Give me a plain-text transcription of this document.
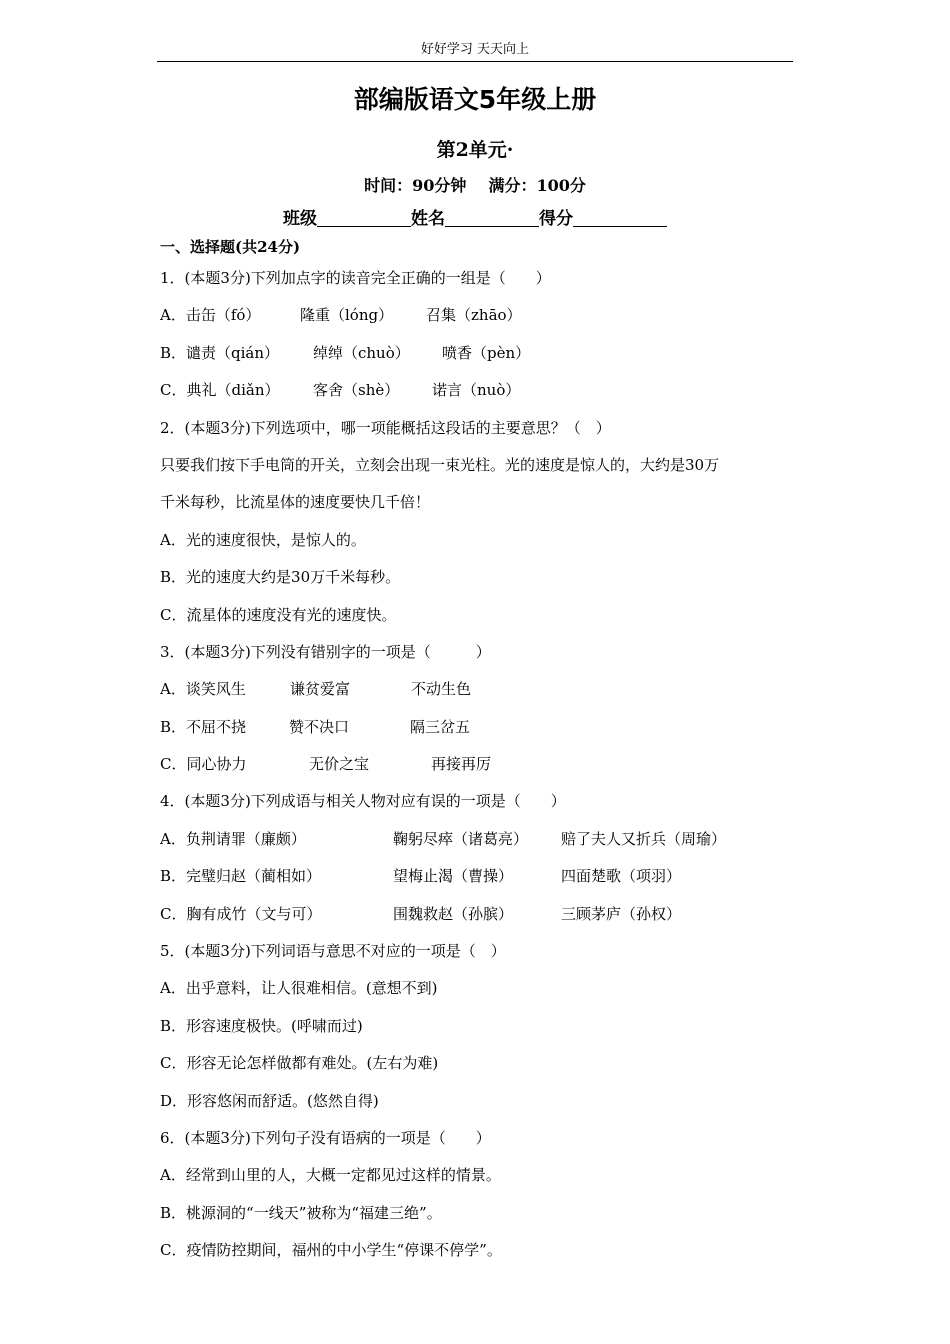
好好学习 天天向上
部编版语文5年级上册
第2单元·
时间：90分钟 满分：100分
班级	姓名	得分
一、选择题(共24分)
1．(本题3分)下列加点字的读音完全正确的一组是（　　）
A．击缶（fó）	隆重（lóng） 召集（zhāo）
B．谴责（qián） 绰绰（chuò） 喷香（pèn）
C．典礼（diǎn） 客舍（shè） 诺言（nuò）
2．(本题3分)下列选项中，哪一项能概括这段话的主要意思？（　）
只要我们按下手电筒的开关，立刻会出现一束光柱。光的速度是惊人的，大约是30万
千米每秒，比流星体的速度要快几千倍！
A．光的速度很快，是惊人的。
B．光的速度大约是30万千米每秒。
C．流星体的速度没有光的速度快。
3．(本题3分)下列没有错别字的一项是（　　　）
A．谈笑风生	谦贫爱富	不动生色
B．不屈不挠	赞不决口	隔三岔五
C．同心协力	无价之宝	再接再厉
4．(本题3分)下列成语与相关人物对应有误的一项是（　　）
A．负荆请罪（廉颇）	鞠躬尽瘁（诸葛亮） 赔了夫人又折兵（周瑜）
B．完璧归赵（蔺相如）	望梅止渴（曹操）	四面楚歌（项羽）
C．胸有成竹（文与可）	围魏救赵（孙膑）	三顾茅庐（孙权）
5．(本题3分)下列词语与意思不对应的一项是（　）
A．出乎意料，让人很难相信。(意想不到)
B．形容速度极快。(呼啸而过)
C．形容无论怎样做都有难处。(左右为难)
D．形容悠闲而舒适。(悠然自得)
6．(本题3分)下列句子没有语病的一项是（　　）
A．经常到山里的人，大概一定都见过这样的情景。
B．桃源洞的“一线天”被称为“福建三绝”。
C．疫情防控期间，福州的中小学生“停课不停学”。
